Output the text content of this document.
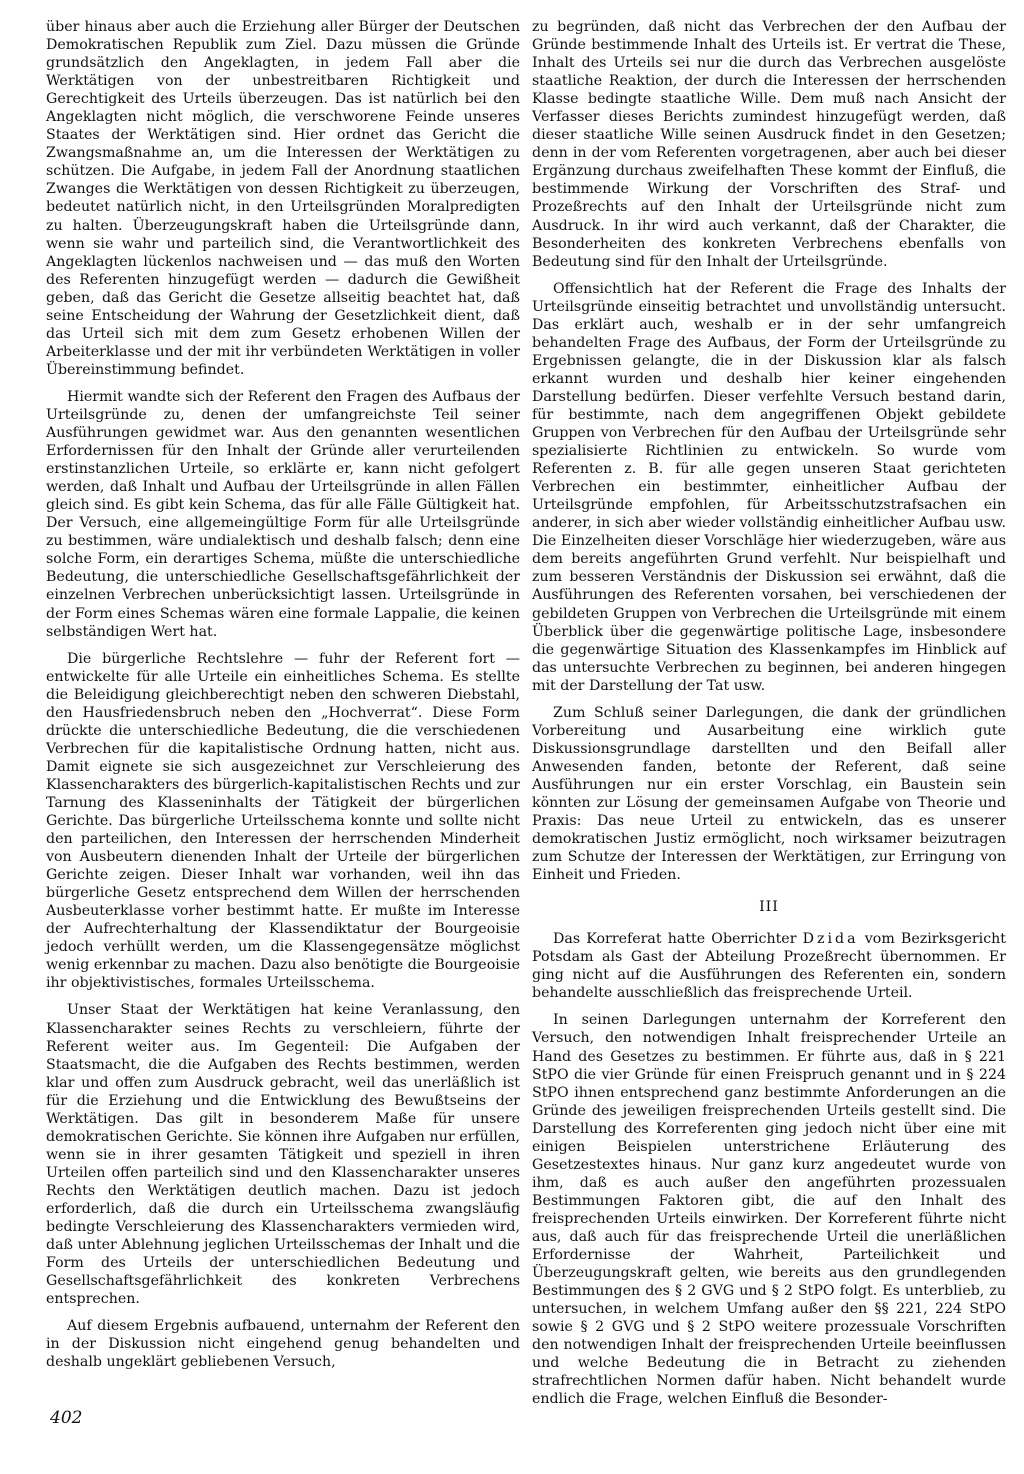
über hinaus aber auch die Erziehung aller Bürger der Deutschen Demokratischen Republik zum Ziel. Dazu müssen die Gründe grundsätzlich den Angeklagten, in jedem Fall aber die Werktätigen von der unbestreitbaren Richtigkeit und Gerechtigkeit des Urteils überzeugen. Das ist natürlich bei den Angeklagten nicht möglich, die verschworene Feinde unseres Staates der Werktätigen sind. Hier ordnet das Gericht die Zwangsmaßnahme an, um die Interessen der Werktätigen zu schützen. Die Aufgabe, in jedem Fall der Anordnung staatlichen Zwanges die Werktätigen von dessen Richtigkeit zu überzeugen, bedeutet natürlich nicht, in den Urteilsgründen Moralpredigten zu halten. Überzeugungskraft haben die Urteilsgründe dann, wenn sie wahr und parteilich sind, die Verantwortlichkeit des Angeklagten lückenlos nachweisen und — das muß den Worten des Referenten hinzugefügt werden — dadurch die Gewißheit geben, daß das Gericht die Gesetze allseitig beachtet hat, daß seine Entscheidung der Wahrung der Gesetzlichkeit dient, daß das Urteil sich mit dem zum Gesetz erhobenen Willen der Arbeiterklasse und der mit ihr verbündeten Werktätigen in voller Übereinstimmung befindet.

Hiermit wandte sich der Referent den Fragen des Aufbaus der Urteilsgründe zu, denen der umfangreichste Teil seiner Ausführungen gewidmet war. Aus den genannten wesentlichen Erfordernissen für den Inhalt der Gründe aller verurteilenden erstinstanzlichen Urteile, so erklärte er, kann nicht gefolgert werden, daß Inhalt und Aufbau der Urteilsgründe in allen Fällen gleich sind. Es gibt kein Schema, das für alle Fälle Gültigkeit hat. Der Versuch, eine allgemeingültige Form für alle Urteilsgründe zu bestimmen, wäre undialektisch und deshalb falsch; denn eine solche Form, ein derartiges Schema, müßte die unterschiedliche Bedeutung, die unterschiedliche Gesellschaftsgefährlichkeit der einzelnen Verbrechen unberücksichtigt lassen. Urteilsgründe in der Form eines Schemas wären eine formale Lappalie, die keinen selbständigen Wert hat.

Die bürgerliche Rechtslehre — fuhr der Referent fort — entwickelte für alle Urteile ein einheitliches Schema. Es stellte die Beleidigung gleichberechtigt neben den schweren Diebstahl, den Hausfriedensbruch neben den „Hochverrat“. Diese Form drückte die unterschiedliche Bedeutung, die die verschiedenen Verbrechen für die kapitalistische Ordnung hatten, nicht aus. Damit eignete sie sich ausgezeichnet zur Verschleierung des Klassencharakters des bürgerlich-kapitalistischen Rechts und zur Tarnung des Klasseninhalts der Tätigkeit der bürgerlichen Gerichte. Das bürgerliche Urteilsschema konnte und sollte nicht den parteilichen, den Interessen der herrschenden Minderheit von Ausbeutern dienenden Inhalt der Urteile der bürgerlichen Gerichte zeigen. Dieser Inhalt war vorhanden, weil ihn das bürgerliche Gesetz entsprechend dem Willen der herrschenden Ausbeuterklasse vorher bestimmt hatte. Er mußte im Interesse der Aufrechterhaltung der Klassendiktatur der Bourgeoisie jedoch verhüllt werden, um die Klassengegensätze möglichst wenig erkennbar zu machen. Dazu also benötigte die Bourgeoisie ihr objektivistisches, formales Urteilsschema.

Unser Staat der Werktätigen hat keine Veranlassung, den Klassencharakter seines Rechts zu verschleiern, führte der Referent weiter aus. Im Gegenteil: Die Aufgaben der Staatsmacht, die die Aufgaben des Rechts bestimmen, werden klar und offen zum Ausdruck gebracht, weil das unerläßlich ist für die Erziehung und die Entwicklung des Bewußtseins der Werktätigen. Das gilt in besonderem Maße für unsere demokratischen Gerichte. Sie können ihre Aufgaben nur erfüllen, wenn sie in ihrer gesamten Tätigkeit und speziell in ihren Urteilen offen parteilich sind und den Klassencharakter unseres Rechts den Werktätigen deutlich machen. Dazu ist jedoch erforderlich, daß die durch ein Urteilsschema zwangsläufig bedingte Verschleierung des Klassencharakters vermieden wird, daß unter Ablehnung jeglichen Urteilsschemas der Inhalt und die Form des Urteils der unterschiedlichen Bedeutung und Gesellschaftsgefährlichkeit des konkreten Verbrechens entsprechen.

Auf diesem Ergebnis aufbauend, unternahm der Referent den in der Diskussion nicht eingehend genug behandelten und deshalb ungeklärt gebliebenen Versuch,

zu begründen, daß nicht das Verbrechen der den Aufbau der Gründe bestimmende Inhalt des Urteils ist. Er vertrat die These, Inhalt des Urteils sei nur die durch das Verbrechen ausgelöste staatliche Reaktion, der durch die Interessen der herrschenden Klasse bedingte staatliche Wille. Dem muß nach Ansicht der Verfasser dieses Berichts zumindest hinzugefügt werden, daß dieser staatliche Wille seinen Ausdruck findet in den Gesetzen; denn in der vom Referenten vorgetragenen, aber auch bei dieser Ergänzung durchaus zweifelhaften These kommt der Einfluß, die bestimmende Wirkung der Vorschriften des Straf- und Prozeßrechts auf den Inhalt der Urteilsgründe nicht zum Ausdruck. In ihr wird auch verkannt, daß der Charakter, die Besonderheiten des konkreten Verbrechens ebenfalls von Bedeutung sind für den Inhalt der Urteilsgründe.

Offensichtlich hat der Referent die Frage des Inhalts der Urteilsgründe einseitig betrachtet und unvollständig untersucht. Das erklärt auch, weshalb er in der sehr umfangreich behandelten Frage des Aufbaus, der Form der Urteilsgründe zu Ergebnissen gelangte, die in der Diskussion klar als falsch erkannt wurden und deshalb hier keiner eingehenden Darstellung bedürfen. Dieser verfehlte Versuch bestand darin, für bestimmte, nach dem angegriffenen Objekt gebildete Gruppen von Verbrechen für den Aufbau der Urteilsgründe sehr spezialisierte Richtlinien zu entwickeln. So wurde vom Referenten z. B. für alle gegen unseren Staat gerichteten Verbrechen ein bestimmter, einheitlicher Aufbau der Urteilsgründe empfohlen, für Arbeitsschutzstrafsachen ein anderer, in sich aber wieder vollständig einheitlicher Aufbau usw. Die Einzelheiten dieser Vorschläge hier wiederzugeben, wäre aus dem bereits angeführten Grund verfehlt. Nur beispielhaft und zum besseren Verständnis der Diskussion sei erwähnt, daß die Ausführungen des Referenten vorsahen, bei verschiedenen der gebildeten Gruppen von Verbrechen die Urteilsgründe mit einem Überblick über die gegenwärtige politische Lage, insbesondere die gegenwärtige Situation des Klassenkampfes im Hinblick auf das untersuchte Verbrechen zu beginnen, bei anderen hingegen mit der Darstellung der Tat usw.

Zum Schluß seiner Darlegungen, die dank der gründlichen Vorbereitung und Ausarbeitung eine wirklich gute Diskussionsgrundlage darstellten und den Beifall aller Anwesenden fanden, betonte der Referent, daß seine Ausführungen nur ein erster Vorschlag, ein Baustein sein könnten zur Lösung der gemeinsamen Aufgabe von Theorie und Praxis: Das neue Urteil zu entwickeln, das es unserer demokratischen Justiz ermöglicht, noch wirksamer beizutragen zum Schutze der Interessen der Werktätigen, zur Erringung von Einheit und Frieden.

III

Das Korreferat hatte Oberrichter Dzida vom Bezirksgericht Potsdam als Gast der Abteilung Prozeßrecht übernommen. Er ging nicht auf die Ausführungen des Referenten ein, sondern behandelte ausschließlich das freisprechende Urteil.

In seinen Darlegungen unternahm der Korreferent den Versuch, den notwendigen Inhalt freisprechender Urteile an Hand des Gesetzes zu bestimmen. Er führte aus, daß in § 221 StPO die vier Gründe für einen Freispruch genannt und in § 224 StPO ihnen entsprechend ganz bestimmte Anforderungen an die Gründe des jeweiligen freisprechenden Urteils gestellt sind. Die Darstellung des Korreferenten ging jedoch nicht über eine mit einigen Beispielen unterstrichene Erläuterung des Gesetzestextes hinaus. Nur ganz kurz angedeutet wurde von ihm, daß es auch außer den angeführten prozessualen Bestimmungen Faktoren gibt, die auf den Inhalt des freisprechenden Urteils einwirken. Der Korreferent führte nicht aus, daß auch für das freisprechende Urteil die unerläßlichen Erfordernisse der Wahrheit, Parteilichkeit und Überzeugungskraft gelten, wie bereits aus den grundlegenden Bestimmungen des § 2 GVG und § 2 StPO folgt. Es unterblieb, zu untersuchen, in welchem Umfang außer den §§ 221, 224 StPO sowie § 2 GVG und § 2 StPO weitere prozessuale Vorschriften den notwendigen Inhalt der freisprechenden Urteile beeinflussen und welche Bedeutung die in Betracht zu ziehenden strafrechtlichen Normen dafür haben. Nicht behandelt wurde endlich die Frage, welchen Einfluß die Besonder-

402
